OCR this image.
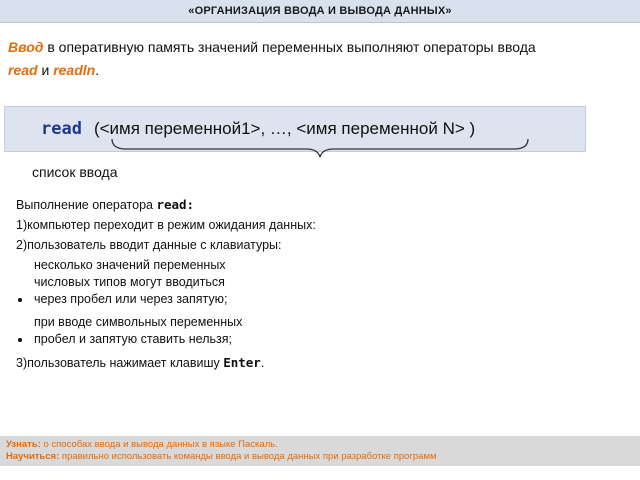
«ОРГАНИЗАЦИЯ ВВОДА И ВЫВОДА ДАННЫХ»
Ввод в оперативную память значений переменных выполняют операторы ввода
read и readln.
read (<имя переменной1>, …, <имя переменной N> )
список ввода

Выполнение оператора read:

1)компьютер переходит в режим ожидания данных:

2)пользователь вводит данные с клавиатуры:

• несколько значений переменных числовых типов могут вводиться через пробел или через запятую;
• при вводе символьных переменных пробел и запятую ставить нельзя;

3)пользователь нажимает клавишу Enter.

Узнать: о способах ввода и вывода данных в языке Паскаль.
Научиться: правильно использовать команды ввода и вывода данных при разработке программ
